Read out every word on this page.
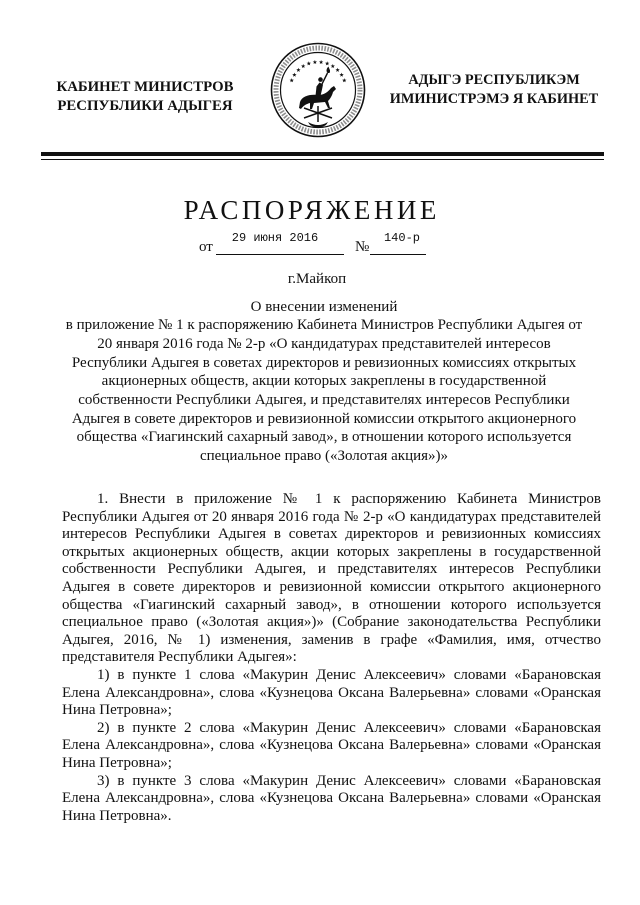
КАБИНЕТ МИНИСТРОВ
РЕСПУБЛИКИ АДЫГЕЯ
АДЫГЭ РЕСПУБЛИКЭМ
ИМИНИСТРЭМЭ Я КАБИНЕТ
РАСПОРЯЖЕНИЕ
от
29 июня 2016
№
140-р
г.Майкоп
О внесении изменений
в приложение № 1 к распоряжению Кабинета Министров Республики Адыгея от
20 января 2016 года № 2-р «О кандидатурах представителей интересов
Республики Адыгея в советах директоров и ревизионных комиссиях открытых
акционерных обществ, акции которых закреплены в государственной
собственности Республики Адыгея, и представителях интересов Республики
Адыгея в совете директоров и ревизионной комиссии открытого акционерного
общества «Гиагинский сахарный завод», в отношении которого используется
специальное право («Золотая акция»)»
1. Внести в приложение № 1 к распоряжению Кабинета Министров
Республики Адыгея от 20 января 2016 года № 2-р «О кандидатурах представителей
интересов Республики Адыгея в советах директоров и ревизионных комиссиях
открытых акционерных обществ, акции которых закреплены в государственной
собственности Республики Адыгея, и представителях интересов Республики
Адыгея в совете директоров и ревизионной комиссии открытого акционерного
общества «Гиагинский сахарный завод», в отношении которого используется
специальное право («Золотая акция»)» (Собрание законодательства Республики
Адыгея, 2016, № 1) изменения, заменив в графе «Фамилия, имя, отчество
представителя Республики Адыгея»:
1) в пункте 1 слова «Макурин Денис Алексеевич» словами «Барановская
Елена Александровна», слова «Кузнецова Оксана Валерьевна» словами «Оранская
Нина Петровна»;
2) в пункте 2 слова «Макурин Денис Алексеевич» словами «Барановская
Елена Александровна», слова «Кузнецова Оксана Валерьевна» словами «Оранская
Нина Петровна»;
3) в пункте 3 слова «Макурин Денис Алексеевич» словами «Барановская
Елена Александровна», слова «Кузнецова Оксана Валерьевна» словами «Оранская
Нина Петровна».
